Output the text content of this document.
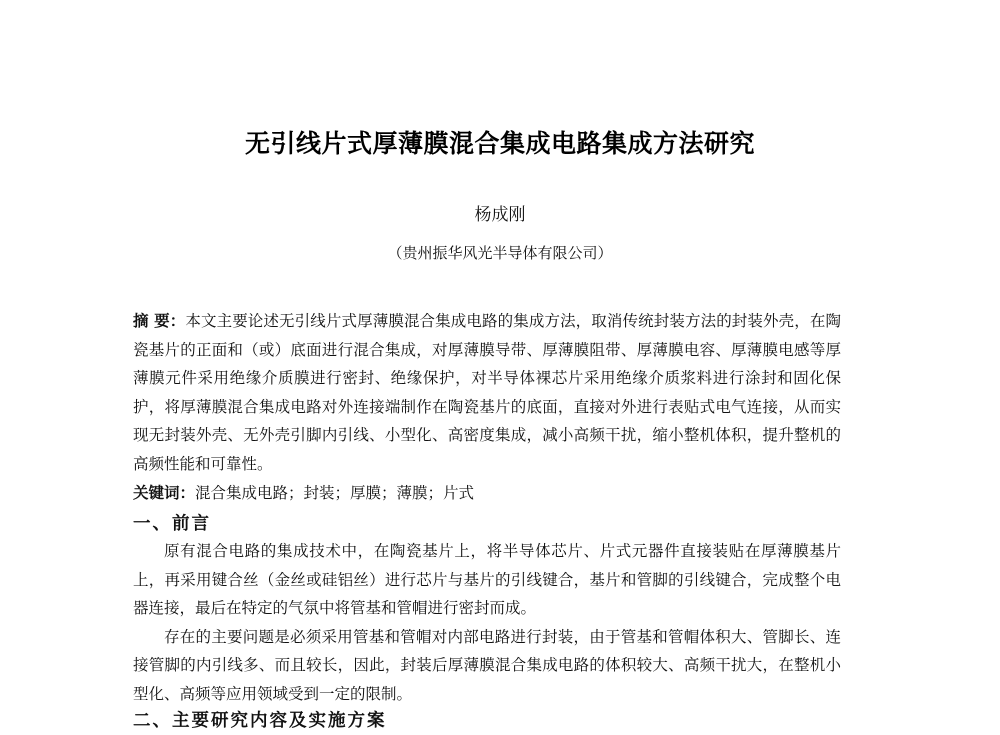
无引线片式厚薄膜混合集成电路集成方法研究
杨成刚
（贵州振华风光半导体有限公司）
摘 要：本文主要论述无引线片式厚薄膜混合集成电路的集成方法，取消传统封装方法的封装外壳，在陶瓷基片的正面和（或）底面进行混合集成，对厚薄膜导带、厚薄膜阻带、厚薄膜电容、厚薄膜电感等厚薄膜元件采用绝缘介质膜进行密封、绝缘保护，对半导体裸芯片采用绝缘介质浆料进行涂封和固化保护，将厚薄膜混合集成电路对外连接端制作在陶瓷基片的底面，直接对外进行表贴式电气连接，从而实现无封装外壳、无外壳引脚内引线、小型化、高密度集成，减小高频干扰，缩小整机体积，提升整机的高频性能和可靠性。
关键词：混合集成电路；封装；厚膜；薄膜；片式
一、前言

原有混合电路的集成技术中，在陶瓷基片上，将半导体芯片、片式元器件直接装贴在厚薄膜基片上，再采用键合丝（金丝或硅铝丝）进行芯片与基片的引线键合，基片和管脚的引线键合，完成整个电器连接，最后在特定的气氛中将管基和管帽进行密封而成。

存在的主要问题是必须采用管基和管帽对内部电路进行封装，由于管基和管帽体积大、管脚长、连接管脚的内引线多、而且较长，因此，封装后厚薄膜混合集成电路的体积较大、高频干扰大，在整机小型化、高频等应用领域受到一定的限制。

二、主要研究内容及实施方案
